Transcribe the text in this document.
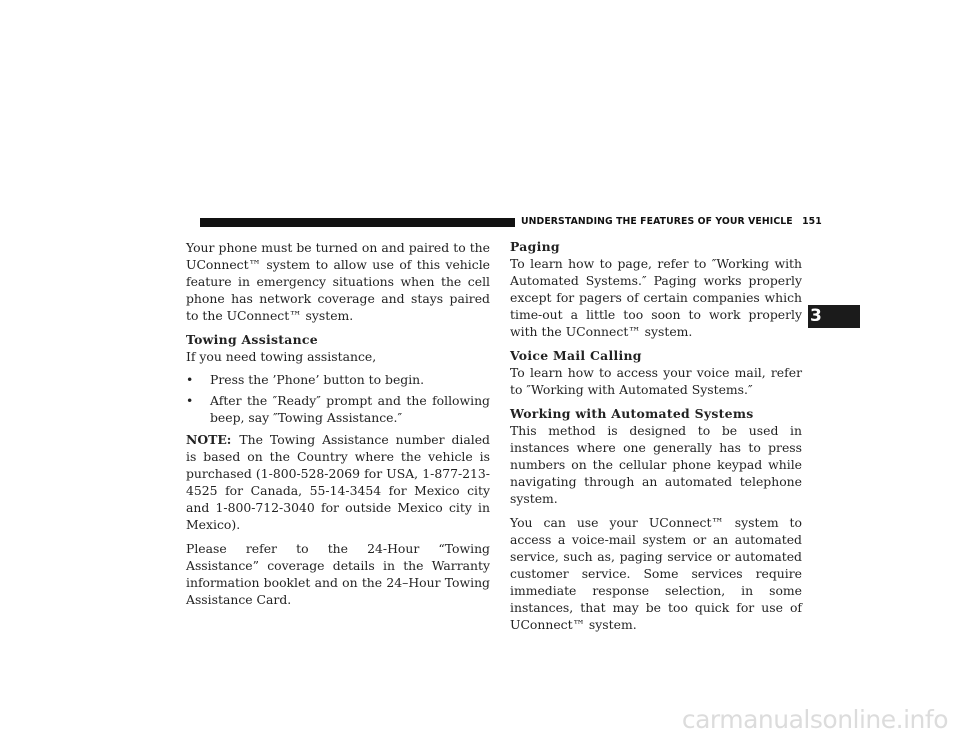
UNDERSTANDING THE FEATURES OF YOUR VEHICLE 151
3

Your phone must be turned on and paired to the UConnect™ system to allow use of this vehicle feature in emergency situations when the cell phone has network coverage and stays paired to the UConnect™ system.

Towing Assistance

If you need towing assistance,

•	Press the ’Phone’ button to begin.
•	After the ″Ready″ prompt and the following beep, say ″Towing Assistance.″

NOTE: The Towing Assistance number dialed is based on the Country where the vehicle is purchased (1-800-528-2069 for USA, 1-877-213-4525 for Canada, 55-14-3454 for Mexico city and 1-800-712-3040 for outside Mexico city in Mexico).

Please refer to the 24-Hour “Towing Assistance” coverage details in the Warranty information booklet and on the 24–Hour Towing Assistance Card.

Paging

To learn how to page, refer to ″Working with Automated Systems.″ Paging works properly except for pagers of certain companies which time-out a little too soon to work properly with the UConnect™ system.

Voice Mail Calling

To learn how to access your voice mail, refer to ″Working with Automated Systems.″

Working with Automated Systems

This method is designed to be used in instances where one generally has to press numbers on the cellular phone keypad while navigating through an automated telephone system.

You can use your UConnect™ system to access a voice-mail system or an automated service, such as, paging service or automated customer service. Some services require immediate response selection, in some instances, that may be too quick for use of UConnect™ system.

carmanualsonline.info
